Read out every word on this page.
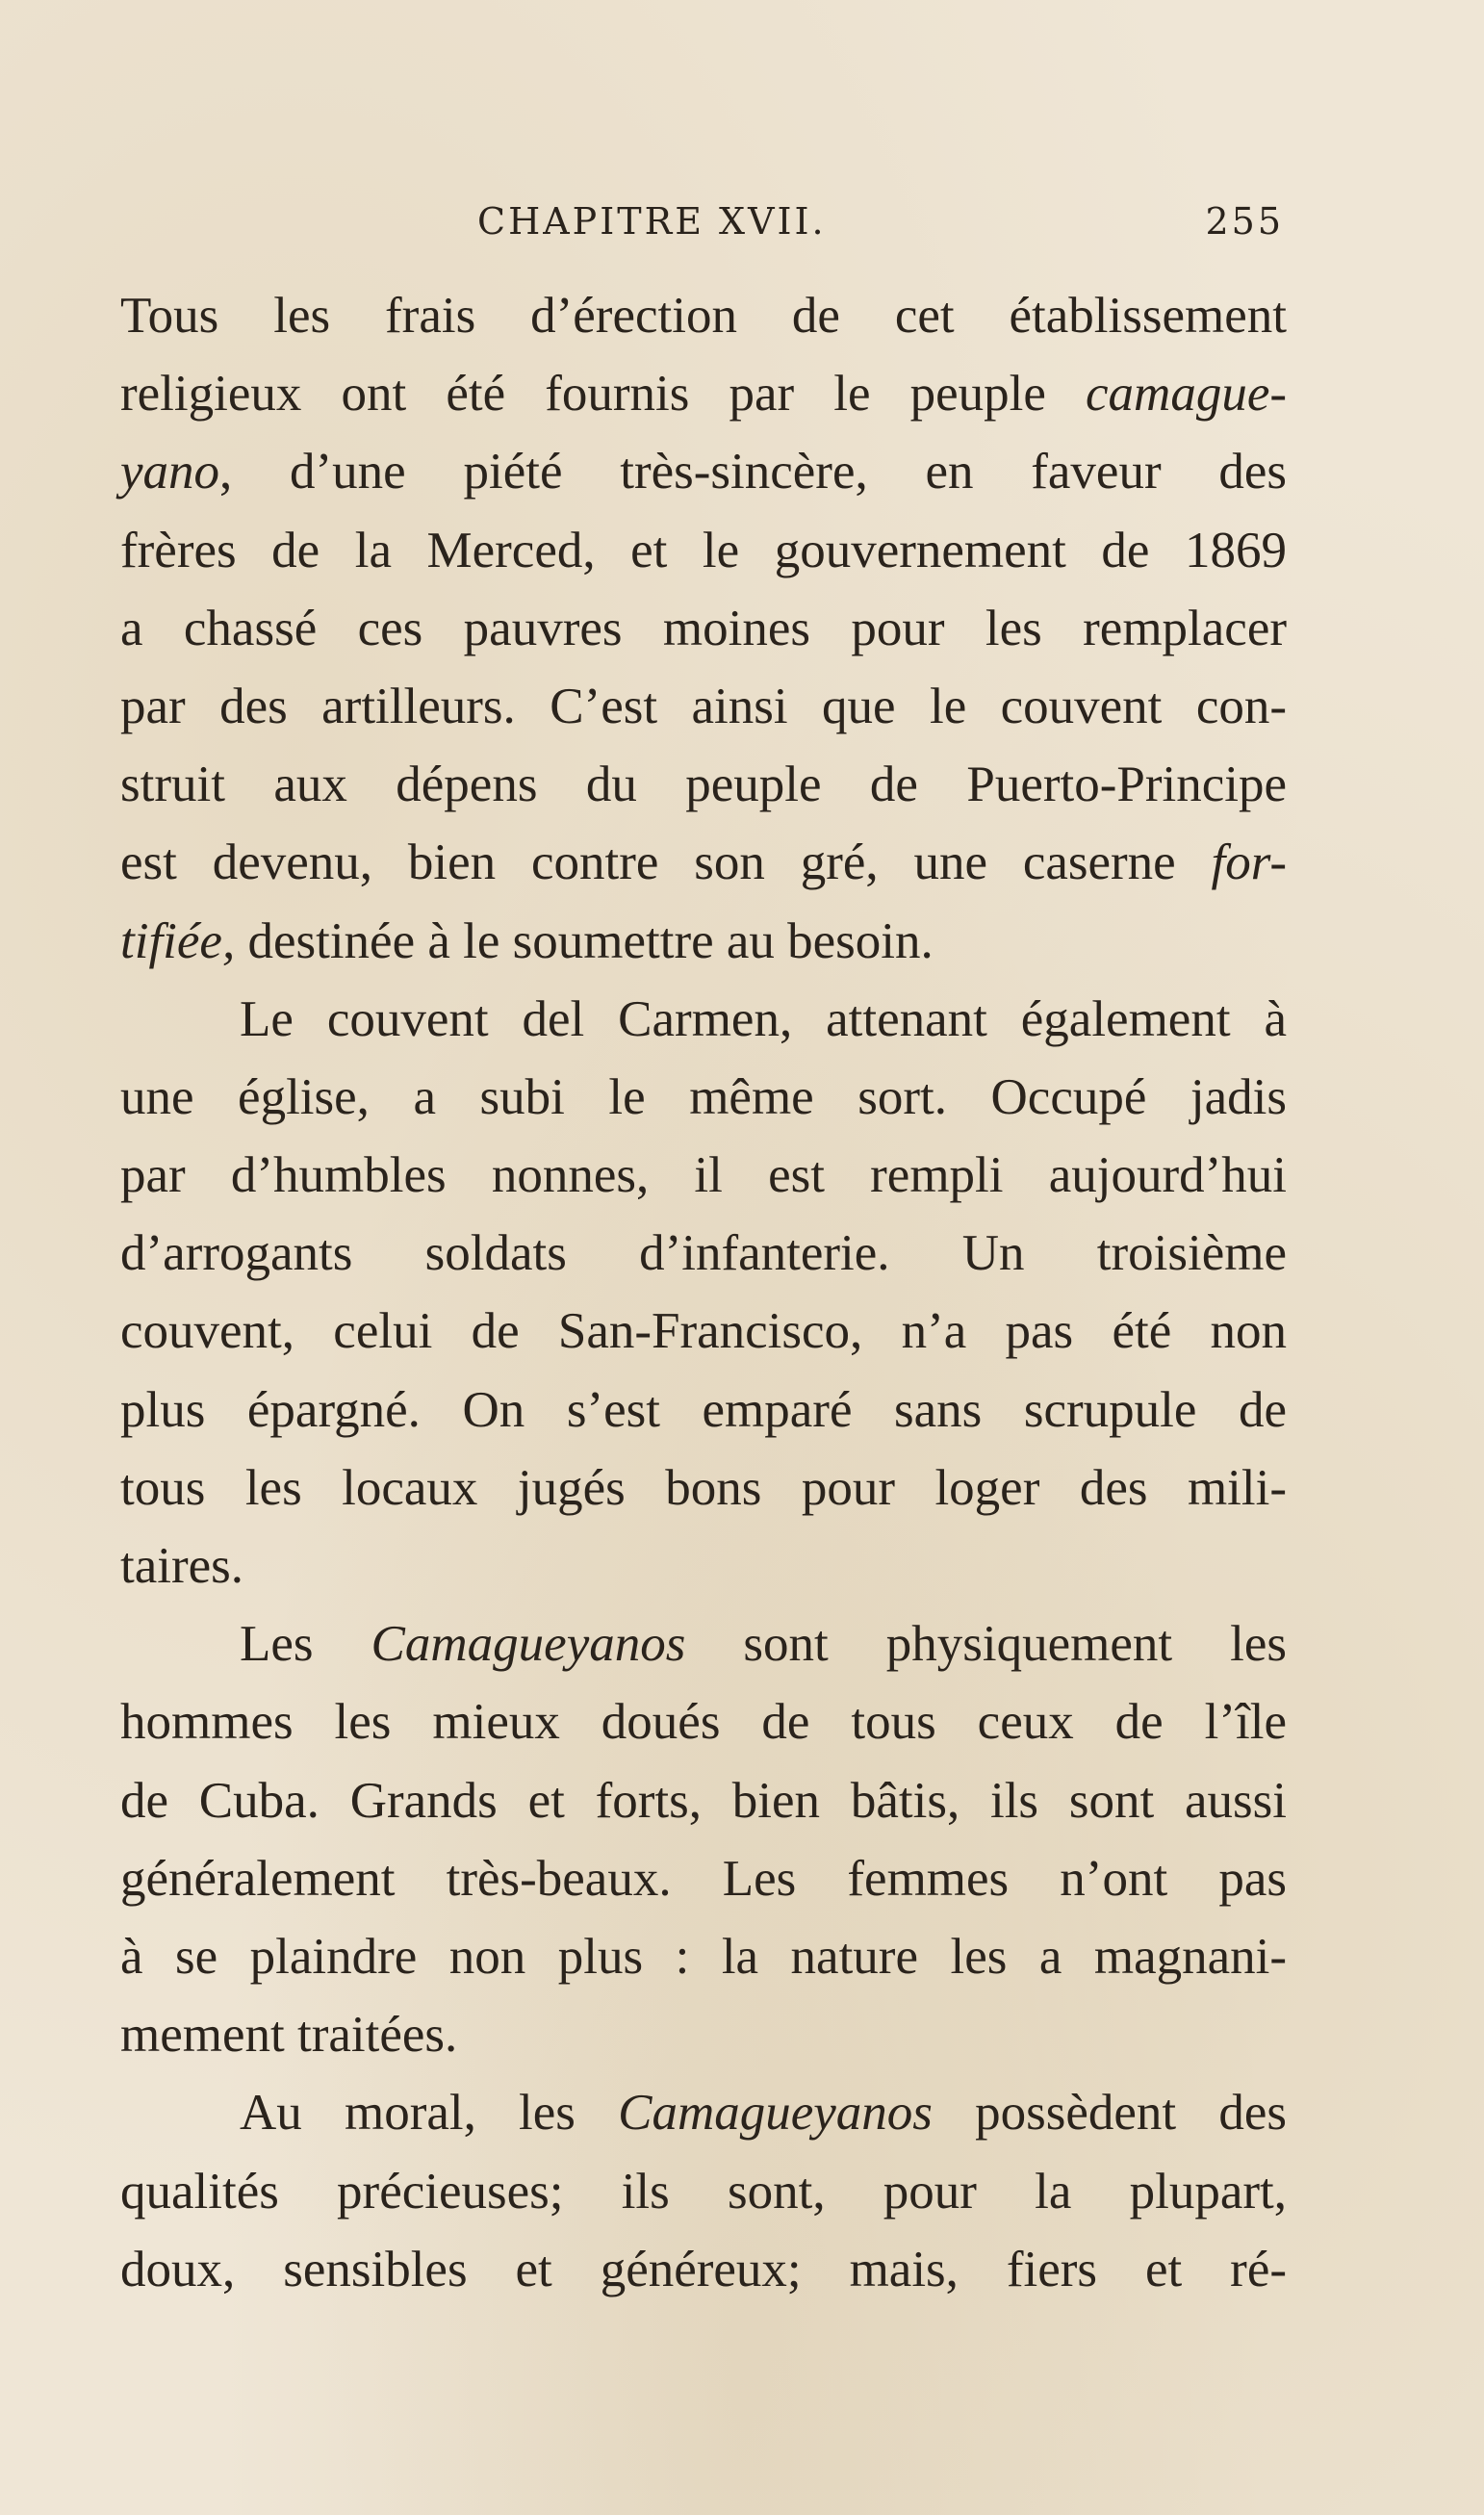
CHAPITRE XVII.	255
Tous les frais d’érection de cet établissement
religieux ont été fournis par le peuple camague-
yano, d’une piété très-sincère, en faveur des
frères de la Merced, et le gouvernement de 1869
a chassé ces pauvres moines pour les remplacer
par des artilleurs. C’est ainsi que le couvent con-
struit aux dépens du peuple de Puerto-Principe
est devenu, bien contre son gré, une caserne for-
tifiée, destinée à le soumettre au besoin.
Le couvent del Carmen, attenant également à
une église, a subi le même sort. Occupé jadis
par d’humbles nonnes, il est rempli aujourd’hui
d’arrogants soldats d’infanterie. Un troisième
couvent, celui de San-Francisco, n’a pas été non
plus épargné. On s’est emparé sans scrupule de
tous les locaux jugés bons pour loger des mili-
taires.
Les Camagueyanos sont physiquement les
hommes les mieux doués de tous ceux de l’île
de Cuba. Grands et forts, bien bâtis, ils sont aussi
généralement très-beaux. Les femmes n’ont pas
à se plaindre non plus : la nature les a magnani-
mement traitées.
Au moral, les Camagueyanos possèdent des
qualités précieuses; ils sont, pour la plupart,
doux, sensibles et généreux; mais, fiers et ré-
